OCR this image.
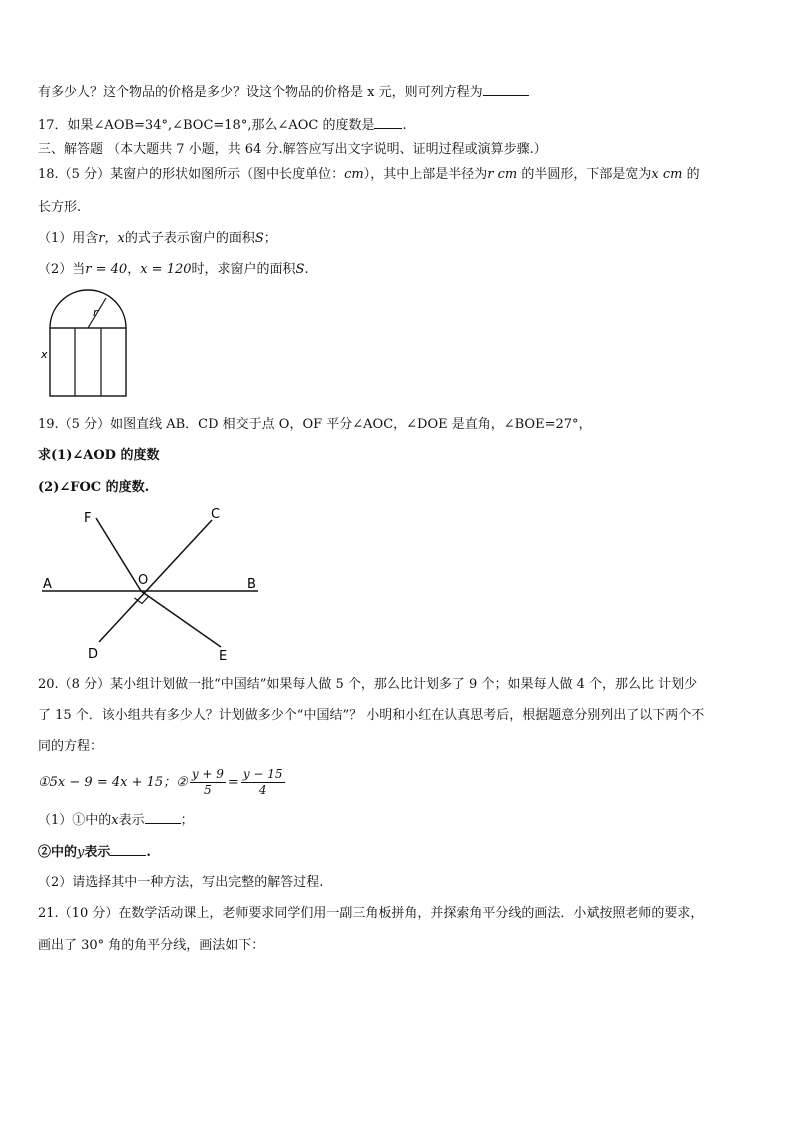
有多少人？这个物品的价格是多少？设这个物品的价格是 x 元，则可列方程为
17．如果∠AOB=34°,∠BOC=18°,那么∠AOC 的度数是 .
三、解答题 （本大题共 7 小题，共 64 分.解答应写出文字说明、证明过程或演算步骤.）
18.（5 分）某窗户的形状如图所示（图中长度单位：cm），其中上部是半径为r cm 的半圆形，下部是宽为x cm 的
长方形.
（1）用含r，x的式子表示窗户的面积S；
（2）当r = 40，x = 120时，求窗户的面积S.
r
x
19.（5 分）如图直线 AB．CD 相交于点 O，OF 平分∠AOC，∠DOE 是直角，∠BOE=27°，
求(1)∠AOD 的度数
(2)∠FOC 的度数.
A	B
C
D	E
F
O
20.（8 分）某小组计划做一批“中国结”如果每人做 5 个，那么比计划多了 9 个；如果每人做 4 个，那么比 计划少
了 15 个．该小组共有多少人？计划做多少个“中国结”？ 小明和小红在认真思考后，根据题意分别列出了以下两个不
同的方程：
①5x − 9 = 4x + 15；② $\frac{y + 9}{5} = \frac{y - 15}{4}$
（1）①中的x表示	；
②中的y表示	.
（2）请选择其中一种方法，写出完整的解答过程.
21.（10 分）在数学活动课上，老师要求同学们用一副三角板拼角，并探索角平分线的画法．小斌按照老师的要求，
画出了 30° 角的角平分线，画法如下：
